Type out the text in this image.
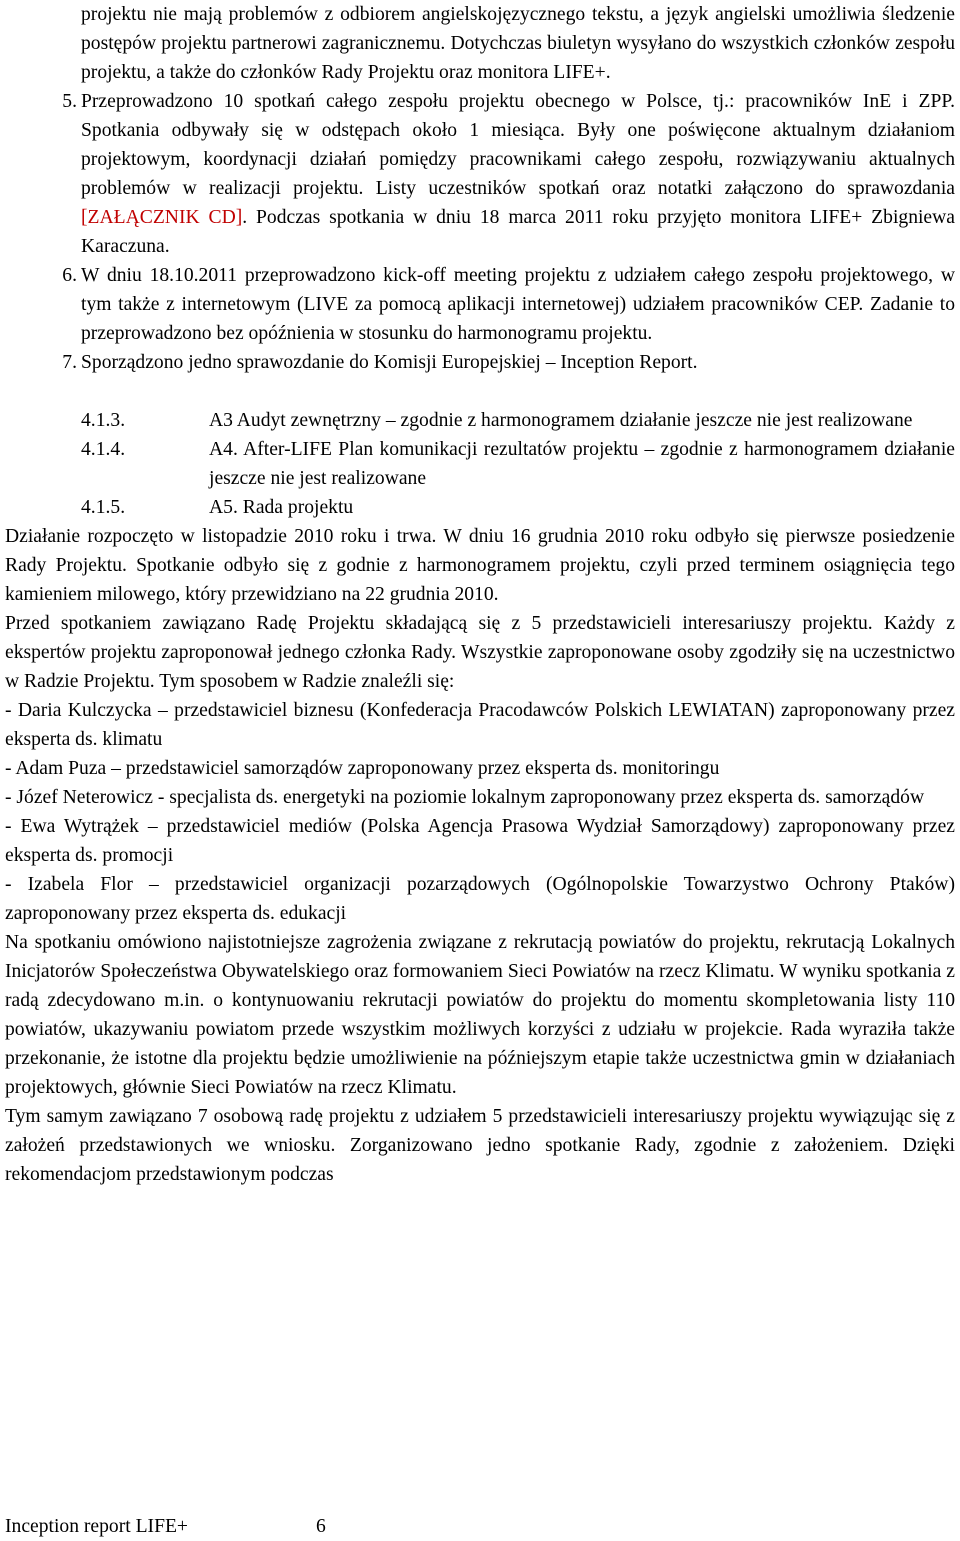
projektu nie mają problemów z odbiorem angielskojęzycznego tekstu, a język angielski umożliwia śledzenie postępów projektu partnerowi zagranicznemu. Dotychczas biuletyn wysyłano do wszystkich członków zespołu projektu, a także do członków Rady Projektu oraz monitora LIFE+.
5. Przeprowadzono 10 spotkań całego zespołu projektu obecnego w Polsce, tj.: pracowników InE i ZPP. Spotkania odbywały się w odstępach około 1 miesiąca. Były one poświęcone aktualnym działaniom projektowym, koordynacji działań pomiędzy pracownikami całego zespołu, rozwiązywaniu aktualnych problemów w realizacji projektu. Listy uczestników spotkań oraz notatki załączono do sprawozdania [ZAŁĄCZNIK CD]. Podczas spotkania w dniu 18 marca 2011 roku przyjęto monitora LIFE+ Zbigniewa Karaczuna.
6. W dniu 18.10.2011 przeprowadzono kick-off meeting projektu z udziałem całego zespołu projektowego, w tym także z internetowym (LIVE za pomocą aplikacji internetowej) udziałem pracowników CEP. Zadanie to przeprowadzono bez opóźnienia w stosunku do harmonogramu projektu.
7. Sporządzono jedno sprawozdanie do Komisji Europejskiej – Inception Report.
4.1.3.	A3 Audyt zewnętrzny – zgodnie z harmonogramem działanie jeszcze nie jest realizowane
4.1.4.	A4. After-LIFE Plan komunikacji rezultatów projektu – zgodnie z harmonogramem działanie jeszcze nie jest realizowane
4.1.5.	A5. Rada projektu

Działanie rozpoczęto w listopadzie 2010 roku i trwa. W dniu 16 grudnia 2010 roku odbyło się pierwsze posiedzenie Rady Projektu. Spotkanie odbyło się z godnie z harmonogramem projektu, czyli przed terminem osiągnięcia tego kamieniem milowego, który przewidziano na 22 grudnia 2010.

Przed spotkaniem zawiązano Radę Projektu składającą się z 5 przedstawicieli interesariuszy projektu. Każdy z ekspertów projektu zaproponował jednego członka Rady. Wszystkie zaproponowane osoby zgodziły się na uczestnictwo w Radzie Projektu. Tym sposobem w Radzie znaleźli się:

- Daria Kulczycka – przedstawiciel biznesu (Konfederacja Pracodawców Polskich LEWIATAN) zaproponowany przez eksperta ds. klimatu

- Adam Puza – przedstawiciel samorządów zaproponowany przez eksperta ds. monitoringu

- Józef Neterowicz - specjalista ds. energetyki na poziomie lokalnym zaproponowany przez eksperta ds. samorządów

- Ewa Wytrążek – przedstawiciel mediów (Polska Agencja Prasowa Wydział Samorządowy) zaproponowany przez eksperta ds. promocji

- Izabela Flor – przedstawiciel organizacji pozarządowych (Ogólnopolskie Towarzystwo Ochrony Ptaków) zaproponowany przez eksperta ds. edukacji

Na spotkaniu omówiono najistotniejsze zagrożenia związane z rekrutacją powiatów do projektu, rekrutacją Lokalnych Inicjatorów Społeczeństwa Obywatelskiego oraz formowaniem Sieci Powiatów na rzecz Klimatu. W wyniku spotkania z radą zdecydowano m.in. o kontynuowaniu rekrutacji powiatów do projektu do momentu skompletowania listy 110 powiatów, ukazywaniu powiatom przede wszystkim możliwych korzyści z udziału w projekcie. Rada wyraziła także przekonanie, że istotne dla projektu będzie umożliwienie na późniejszym etapie także uczestnictwa gmin w działaniach projektowych, głównie Sieci Powiatów na rzecz Klimatu.

Tym samym zawiązano 7 osobową radę projektu z udziałem 5 przedstawicieli interesariuszy projektu wywiązując się z założeń przedstawionych we wniosku. Zorganizowano jedno spotkanie Rady, zgodnie z założeniem. Dzięki rekomendacjom przedstawionym podczas

Inception report LIFE+	6
